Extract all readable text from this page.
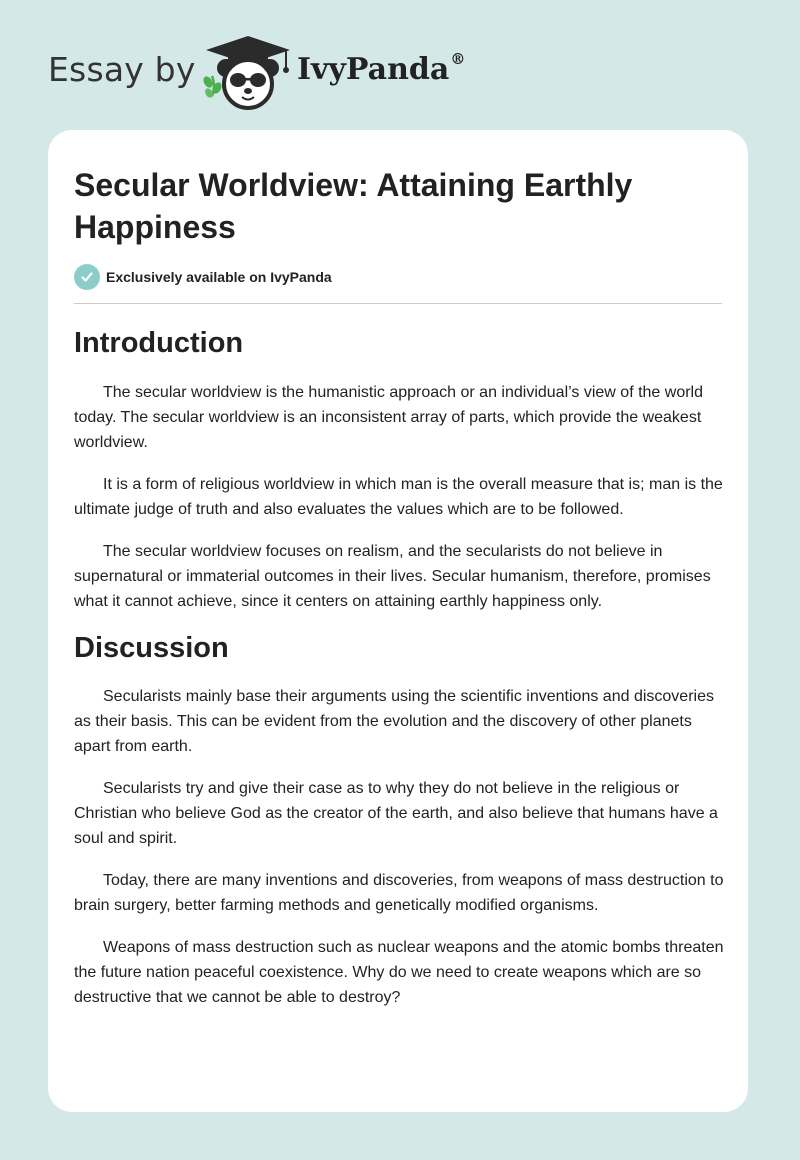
Essay by	IvyPanda®
Secular Worldview: Attaining Earthly Happiness
Exclusively available on IvyPanda
Introduction

The secular worldview is the humanistic approach or an individual’s view of the world today. The secular worldview is an inconsistent array of parts, which provide the weakest worldview.

It is a form of religious worldview in which man is the overall measure that is; man is the ultimate judge of truth and also evaluates the values which are to be followed.

The secular worldview focuses on realism, and the secularists do not believe in supernatural or immaterial outcomes in their lives. Secular humanism, therefore, promises what it cannot achieve, since it centers on attaining earthly happiness only.

Discussion

Secularists mainly base their arguments using the scientific inventions and discoveries as their basis. This can be evident from the evolution and the discovery of other planets apart from earth.

Secularists try and give their case as to why they do not believe in the religious or Christian who believe God as the creator of the earth, and also believe that humans have a soul and spirit.

Today, there are many inventions and discoveries, from weapons of mass destruction to brain surgery, better farming methods and genetically modified organisms.

Weapons of mass destruction such as nuclear weapons and the atomic bombs threaten the future nation peaceful coexistence. Why do we need to create weapons which are so destructive that we cannot be able to destroy?
